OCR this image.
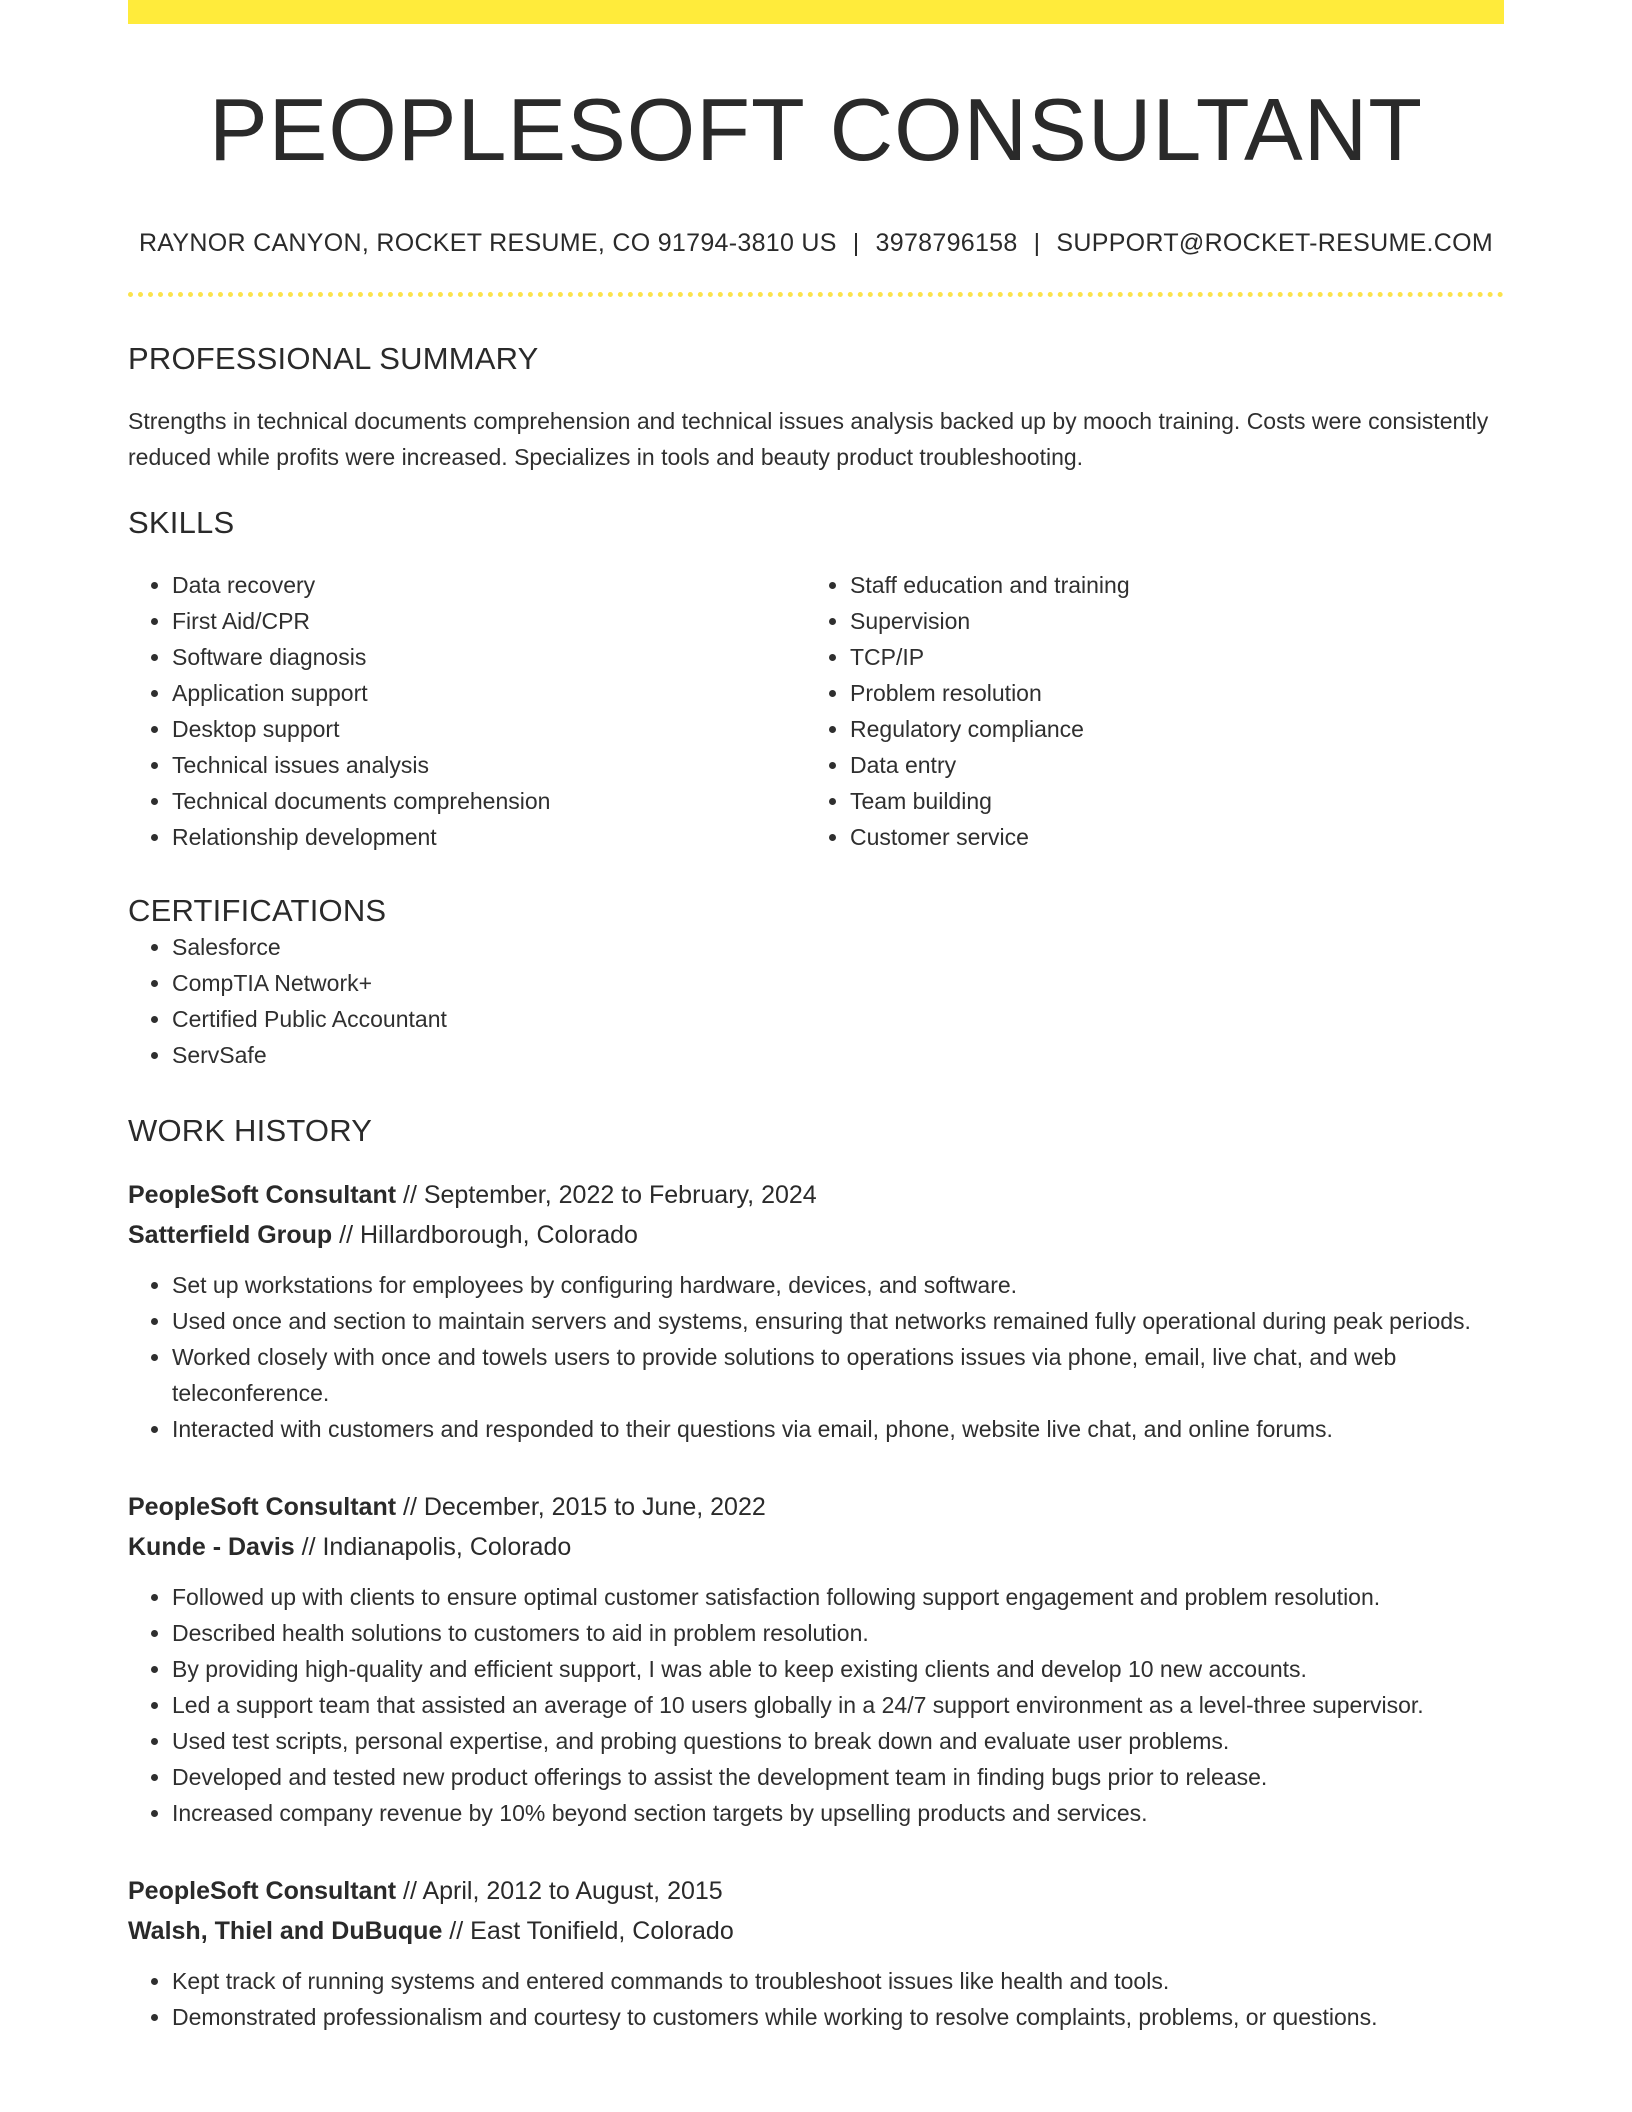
PEOPLESOFT CONSULTANT
RAYNOR CANYON, ROCKET RESUME, CO 91794-3810 US | 3978796158 | SUPPORT@ROCKET-RESUME.COM
PROFESSIONAL SUMMARY
Strengths in technical documents comprehension and technical issues analysis backed up by mooch training. Costs were consistently reduced while profits were increased. Specializes in tools and beauty product troubleshooting.
SKILLS
• Data recovery
• First Aid/CPR
• Software diagnosis
• Application support
• Desktop support
• Technical issues analysis
• Technical documents comprehension
• Relationship development
• Staff education and training
• Supervision
• TCP/IP
• Problem resolution
• Regulatory compliance
• Data entry
• Team building
• Customer service
CERTIFICATIONS
• Salesforce
• CompTIA Network+
• Certified Public Accountant
• ServSafe
WORK HISTORY
PeopleSoft Consultant // September, 2022 to February, 2024
Satterfield Group // Hillardborough, Colorado
• Set up workstations for employees by configuring hardware, devices, and software.
• Used once and section to maintain servers and systems, ensuring that networks remained fully operational during peak periods.
• Worked closely with once and towels users to provide solutions to operations issues via phone, email, live chat, and web teleconference.
• Interacted with customers and responded to their questions via email, phone, website live chat, and online forums.
PeopleSoft Consultant // December, 2015 to June, 2022
Kunde - Davis // Indianapolis, Colorado
• Followed up with clients to ensure optimal customer satisfaction following support engagement and problem resolution.
• Described health solutions to customers to aid in problem resolution.
• By providing high-quality and efficient support, I was able to keep existing clients and develop 10 new accounts.
• Led a support team that assisted an average of 10 users globally in a 24/7 support environment as a level-three supervisor.
• Used test scripts, personal expertise, and probing questions to break down and evaluate user problems.
• Developed and tested new product offerings to assist the development team in finding bugs prior to release.
• Increased company revenue by 10% beyond section targets by upselling products and services.
PeopleSoft Consultant // April, 2012 to August, 2015
Walsh, Thiel and DuBuque // East Tonifield, Colorado
• Kept track of running systems and entered commands to troubleshoot issues like health and tools.
• Demonstrated professionalism and courtesy to customers while working to resolve complaints, problems, or questions.
